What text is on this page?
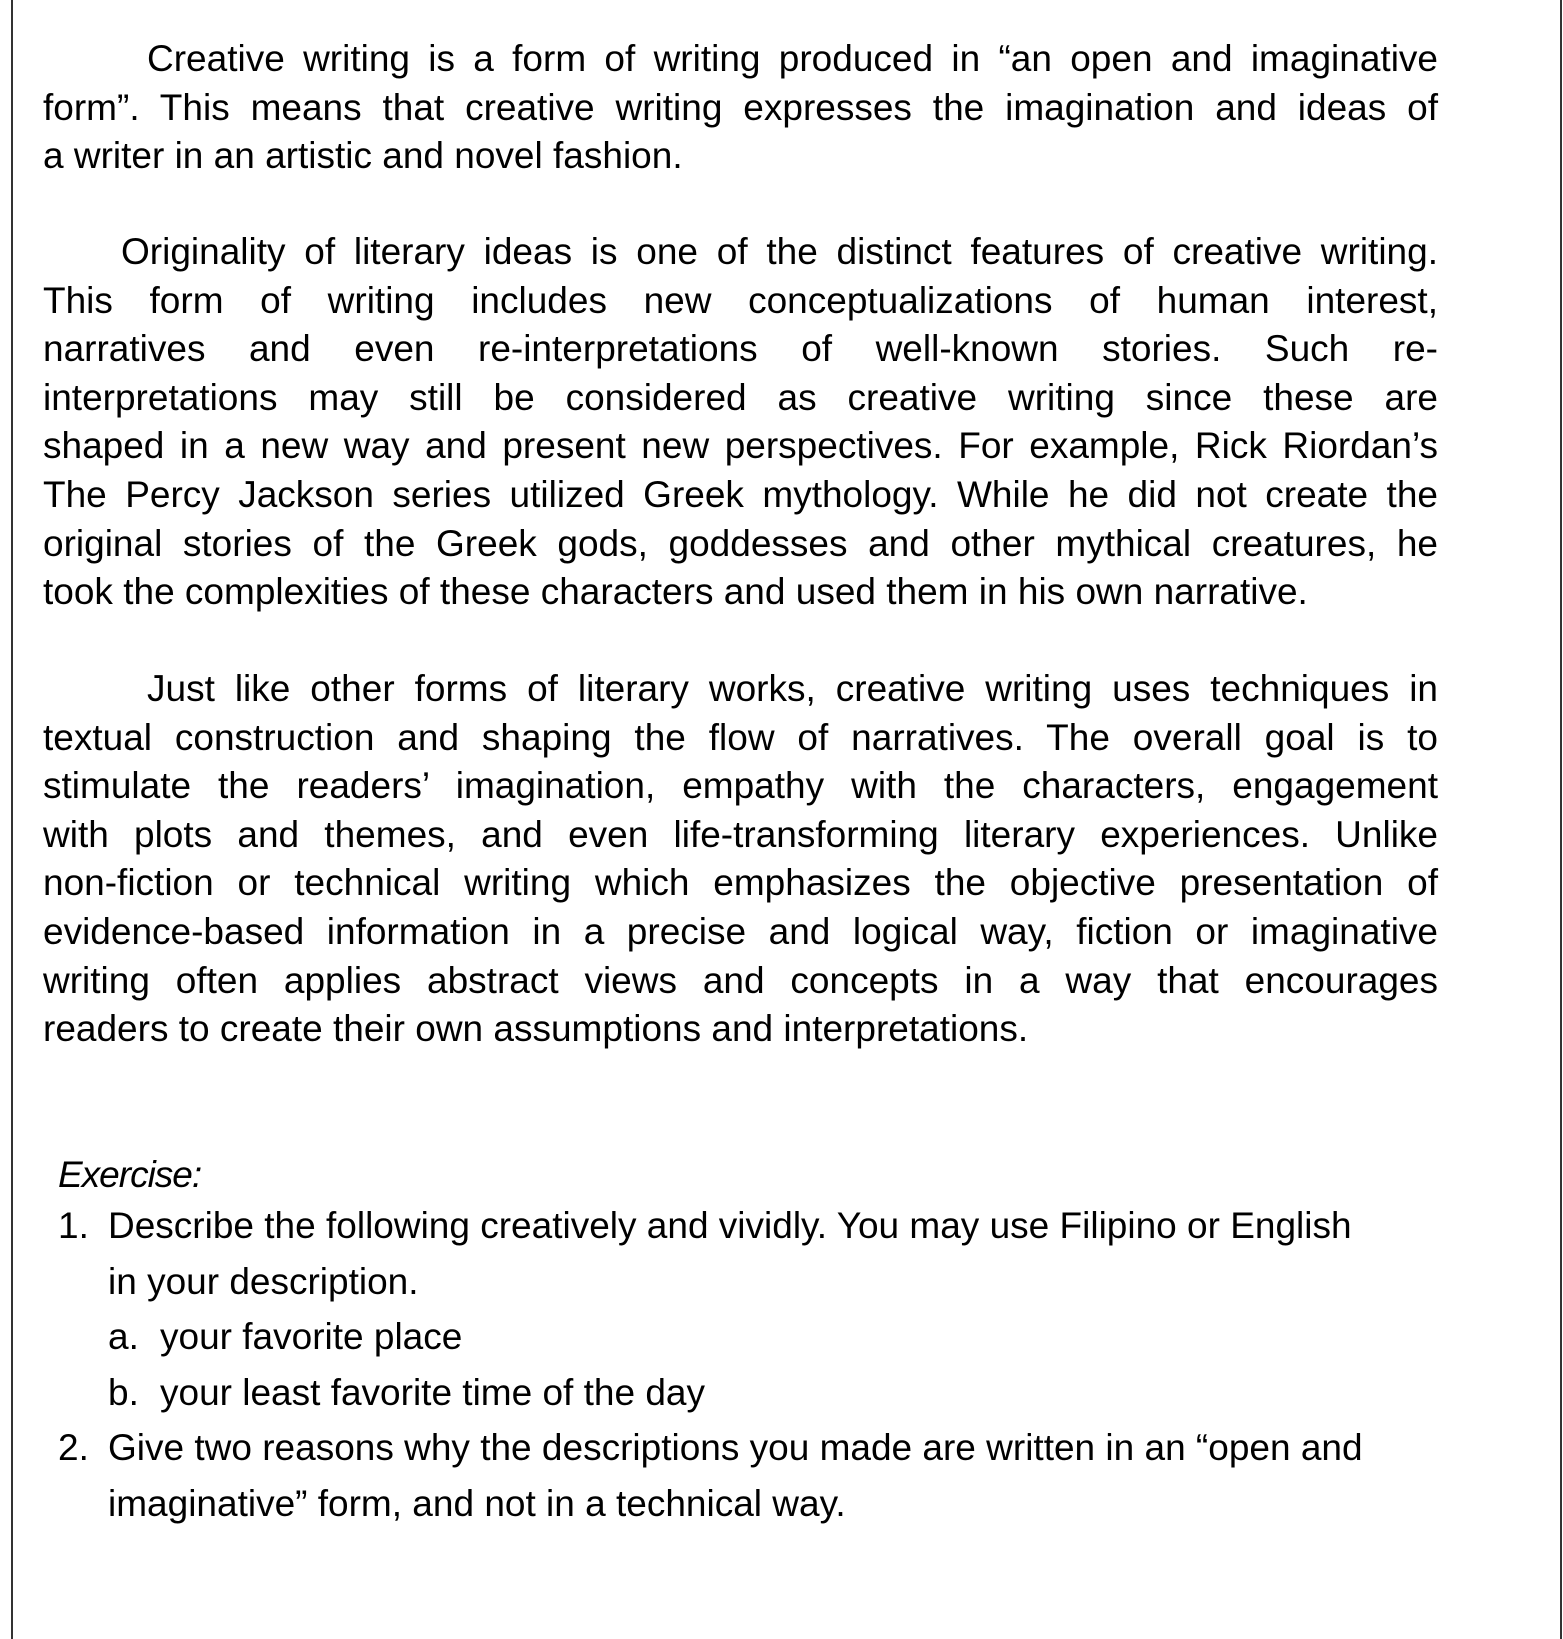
Creative writing is a form of writing produced in “an open and imaginative
form”. This means that creative writing expresses the imagination and ideas of
a writer in an artistic and novel fashion.
Originality of literary ideas is one of the distinct features of creative writing.
This form of writing includes new conceptualizations of human interest,
narratives and even re-interpretations of well-known stories. Such re-
interpretations may still be considered as creative writing since these are
shaped in a new way and present new perspectives. For example, Rick Riordan’s
The Percy Jackson series utilized Greek mythology. While he did not create the
original stories of the Greek gods, goddesses and other mythical creatures, he
took the complexities of these characters and used them in his own narrative.
Just like other forms of literary works, creative writing uses techniques in
textual construction and shaping the flow of narratives. The overall goal is to
stimulate the readers’ imagination, empathy with the characters, engagement
with plots and themes, and even life-transforming literary experiences. Unlike
non-fiction or technical writing which emphasizes the objective presentation of
evidence-based information in a precise and logical way, fiction or imaginative
writing often applies abstract views and concepts in a way that encourages
readers to create their own assumptions and interpretations.
Exercise:
1. Describe the following creatively and vividly. You may use Filipino or English
in your description.
a. your favorite place
b. your least favorite time of the day
2. Give two reasons why the descriptions you made are written in an “open and
imaginative” form, and not in a technical way.
